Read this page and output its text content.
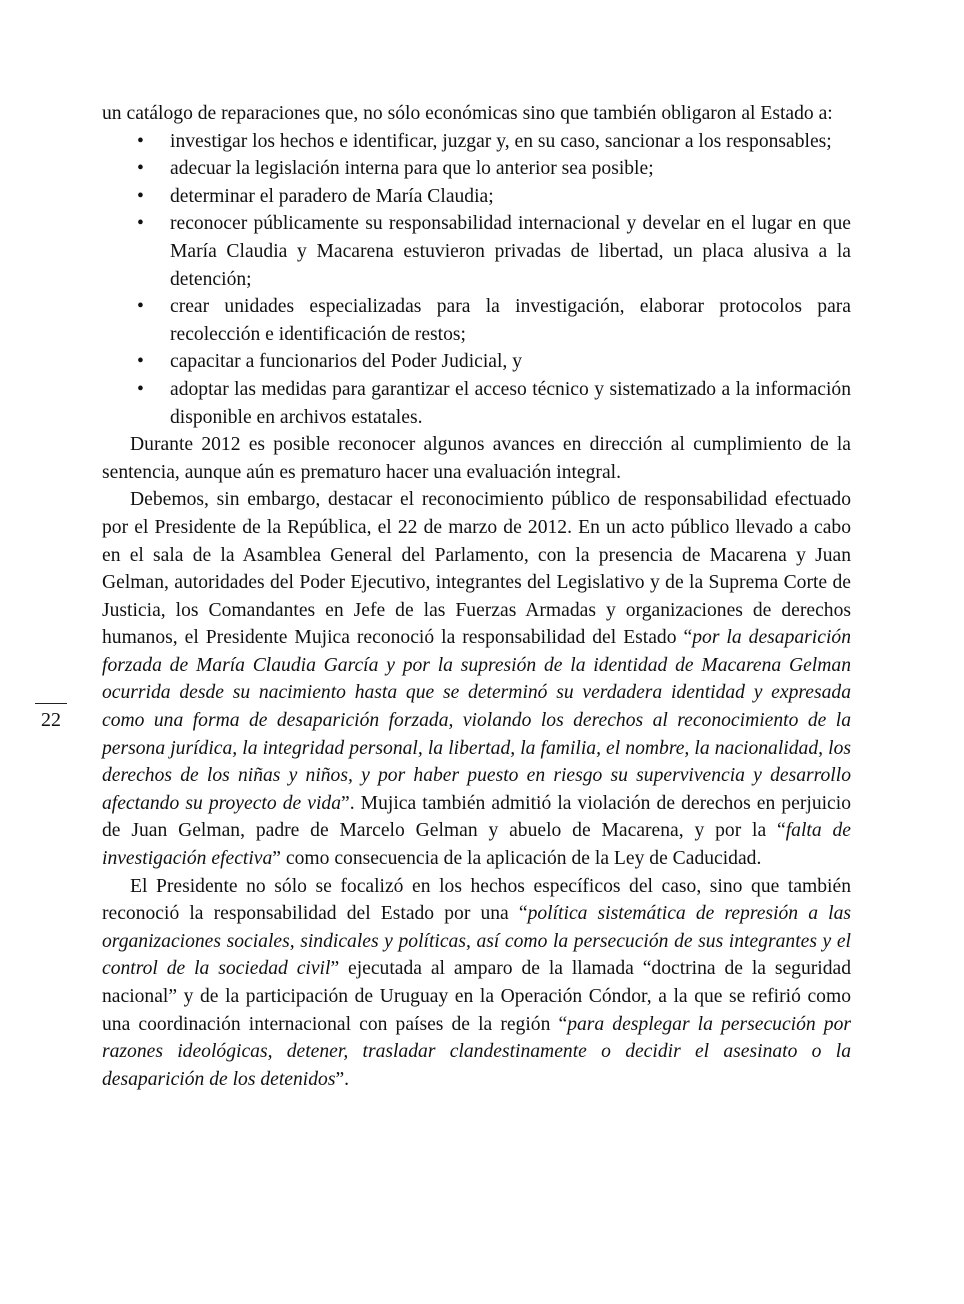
un catálogo de reparaciones que, no sólo económicas sino que también obligaron al Estado a:

• investigar los hechos e identificar, juzgar y, en su caso, sancionar a los responsables;
• adecuar la legislación interna para que lo anterior sea posible;
• determinar el paradero de María Claudia;
• reconocer públicamente su responsabilidad internacional y develar en el lugar en que María Claudia y Macarena estuvieron privadas de libertad, un placa alusiva a la detención;
• crear unidades especializadas para la investigación, elaborar protocolos para recolección e identificación de restos;
• capacitar a funcionarios del Poder Judicial, y
• adoptar las medidas para garantizar el acceso técnico y sistematizado a la información disponible en archivos estatales.

Durante 2012 es posible reconocer algunos avances en dirección al cumplimiento de la sentencia, aunque aún es prematuro hacer una evaluación integral.

Debemos, sin embargo, destacar el reconocimiento público de responsabilidad efectuado por el Presidente de la República, el 22 de marzo de 2012. En un acto público llevado a cabo en el sala de la Asamblea General del Parlamento, con la presencia de Macarena y Juan Gelman, autoridades del Poder Ejecutivo, integrantes del Legislativo y de la Suprema Corte de Justicia, los Comandantes en Jefe de las Fuerzas Armadas y organizaciones de derechos humanos, el Presidente Mujica reconoció la responsabilidad del Estado “por la desaparición forzada de María Claudia García y por la supresión de la identidad de Macarena Gelman ocurrida desde su nacimiento hasta que se determinó su verdadera identidad y expresada como una forma de desaparición forzada, violando los derechos al reconocimiento de la persona jurídica, la integridad personal, la libertad, la familia, el nombre, la nacionalidad, los derechos de los niñas y niños, y por haber puesto en riesgo su supervivencia y desarrollo afectando su proyecto de vida”. Mujica también admitió la violación de derechos en perjuicio de Juan Gelman, padre de Marcelo Gelman y abuelo de Macarena, y por la “falta de investigación efectiva” como consecuencia de la aplicación de la Ley de Caducidad.

El Presidente no sólo se focalizó en los hechos específicos del caso, sino que también reconoció la responsabilidad del Estado por una “política sistemática de represión a las organizaciones sociales, sindicales y políticas, así como la persecución de sus integrantes y el control de la sociedad civil” ejecutada al amparo de la llamada “doctrina de la seguridad nacional” y de la participación de Uruguay en la Operación Cóndor, a la que se refirió como una coordinación internacional con países de la región “para desplegar la persecución por razones ideológicas, detener, trasladar clandestinamente o decidir el asesinato o la desaparición de los detenidos”.

22
